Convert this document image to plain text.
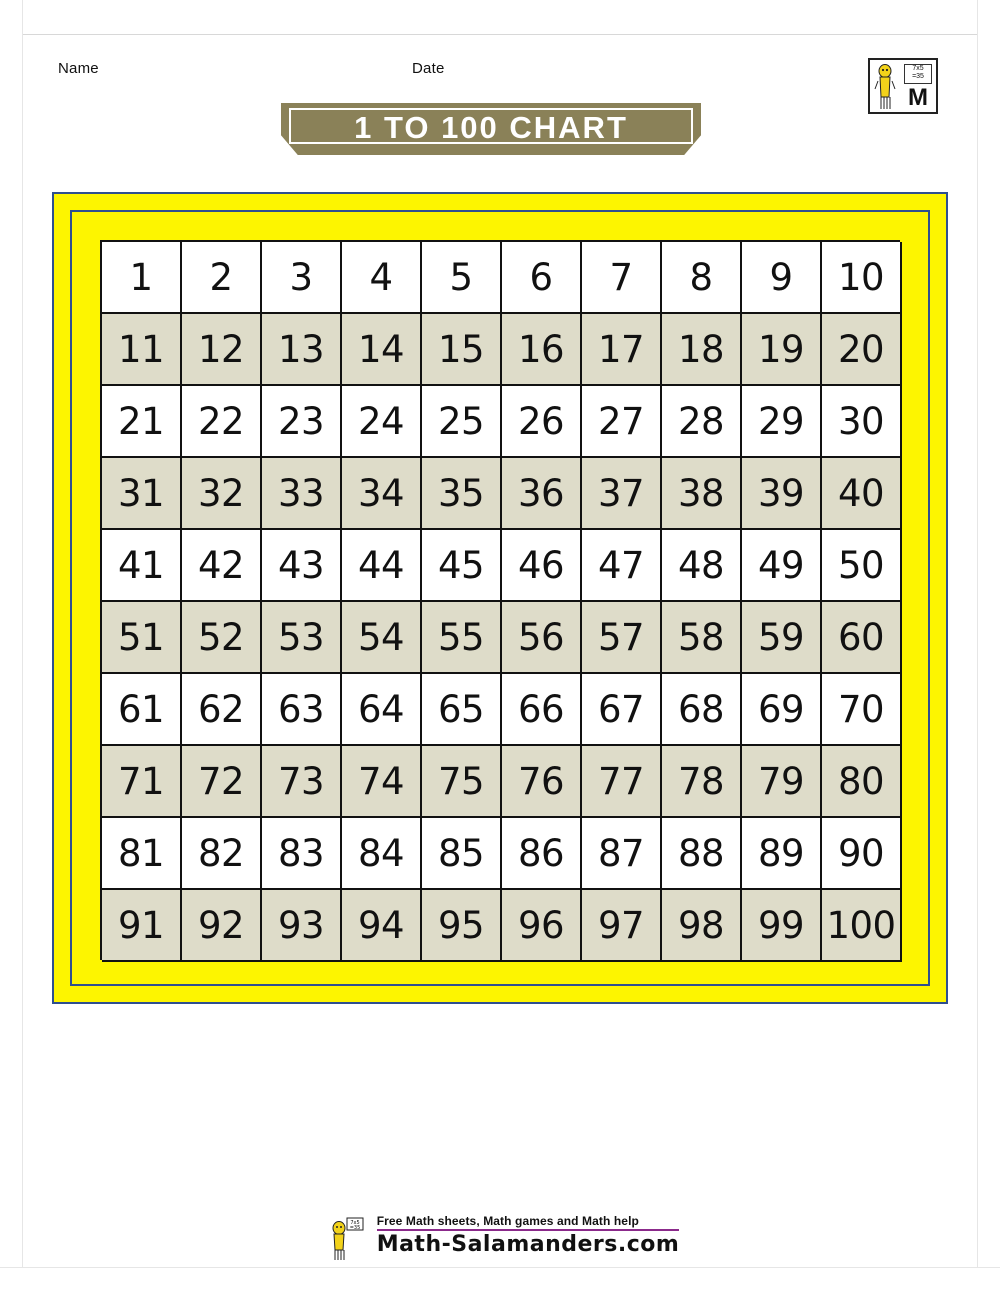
Name	Date	7x5
=35
M
1 TO 100 CHART
1	2	3	4	5	6	7	8	9	10
11 12 13 14 15 16 17 18 19 20
21 22 23 24 25 26 27 28 29 30
31 32 33 34 35 36 37 38 39 40
41 42 43 44 45 46 47 48 49 50
51 52 53 54 55 56 57 58 59 60
61 62 63 64 65 66 67 68 69 70
71 72 73 74 75 76 77 78 79 80
81 82 83 84 85 86 87 88 89 90
91 92 93 94 95 96 97 98 99 100
7x5
=35 Free Math sheets, Math games and Math help
Math-Salamanders.com
